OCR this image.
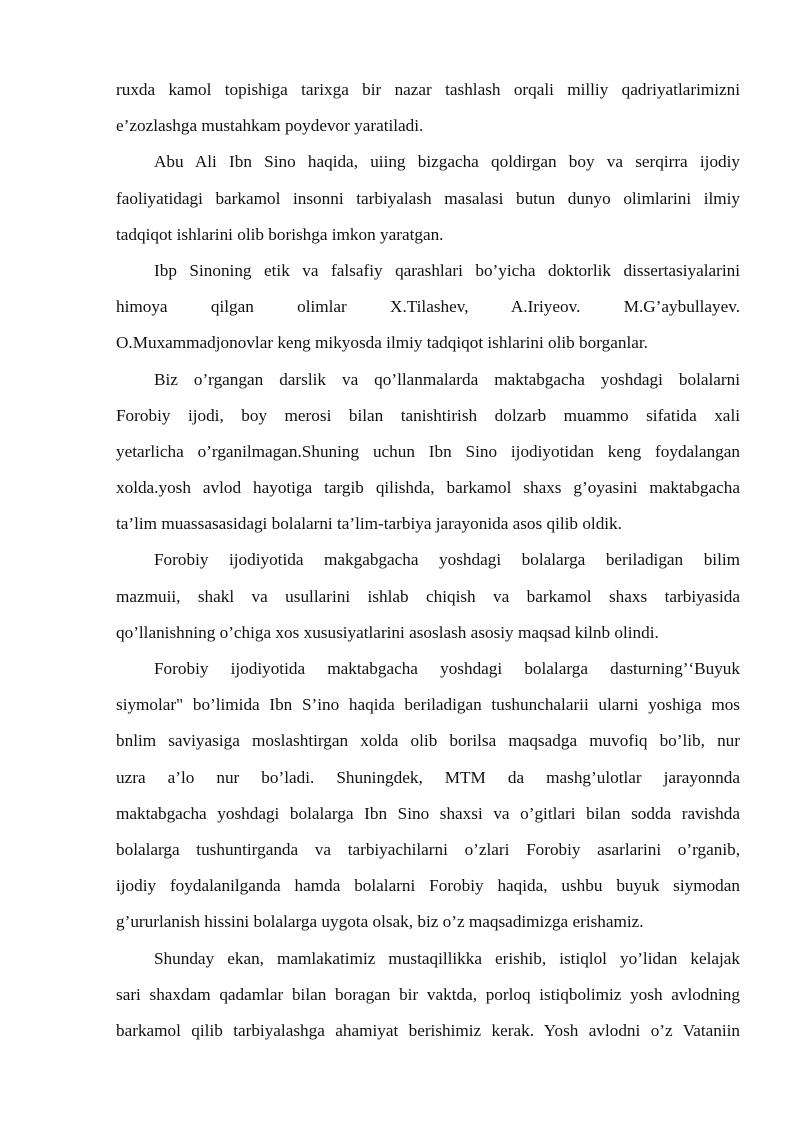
ruxda kamol topishiga tarixga bir nazar tashlash orqali milliy qadriyatlarimizni
e’zozlashga mustahkam poydevor yaratiladi.
Abu Ali Ibn Sino haqida, uiing bizgacha qoldirgan boy va serqirra ijodiy
faoliyatidagi barkamol insonni tarbiyalash masalasi butun dunyo olimlarini ilmiy
tadqiqot ishlarini olib borishga imkon yaratgan.
Ibp Sinoning etik va falsafiy qarashlari bo’yicha doktorlik dissertasiyalarini
himoya qilgan olimlar X.Tilashev, A.Iriyeov. M.G’aybullayev.
O.Muxammadjonovlar keng mikyosda ilmiy tadqiqot ishlarini olib borganlar.
Biz o’rgangan darslik va qo’llanmalarda maktabgacha yoshdagi bolalarni
Forobiy ijodi, boy merosi bilan tanishtirish dolzarb muammo sifatida xali
yetarlicha o’rganilmagan.Shuning uchun Ibn Sino ijodiyotidan keng foydalangan
xolda.yosh avlod hayotiga targib qilishda, barkamol shaxs g’oyasini maktabgacha
ta’lim muassasasidagi bolalarni ta’lim-tarbiya jarayonida asos qilib oldik.
Forobiy ijodiyotida makgabgacha yoshdagi bolalarga beriladigan bilim
mazmuii, shakl va usullarini ishlab chiqish va barkamol shaxs tarbiyasida
qo’llanishning o’chiga xos xususiyatlarini asoslash asosiy maqsad kilnb olindi.
Forobiy ijodiyotida maktabgacha yoshdagi bolalarga dasturning’‘Buyuk
siymolar" bo’limida Ibn S’ino haqida beriladigan tushunchalarii ularni yoshiga mos
bnlim saviyasiga moslashtirgan xolda olib borilsa maqsadga muvofiq bo’lib, nur
uzra a’lo nur bo’ladi. Shuningdek, MTM da mashg’ulotlar jarayonnda
maktabgacha yoshdagi bolalarga Ibn Sino shaxsi va o’gitlari bilan sodda ravishda
bolalarga tushuntirganda va tarbiyachilarni o’zlari Forobiy asarlarini o’rganib,
ijodiy foydalanilganda hamda bolalarni Forobiy haqida, ushbu buyuk siymodan
g’ururlanish hissini bolalarga uygota olsak, biz o’z maqsadimizga erishamiz.
Shunday ekan, mamlakatimiz mustaqillikka erishib, istiqlol yo’lidan kelajak
sari shaxdam qadamlar bilan boragan bir vaktda, porloq istiqbolimiz yosh avlodning
barkamol qilib tarbiyalashga ahamiyat berishimiz kerak. Yosh avlodni o’z Vataniin
